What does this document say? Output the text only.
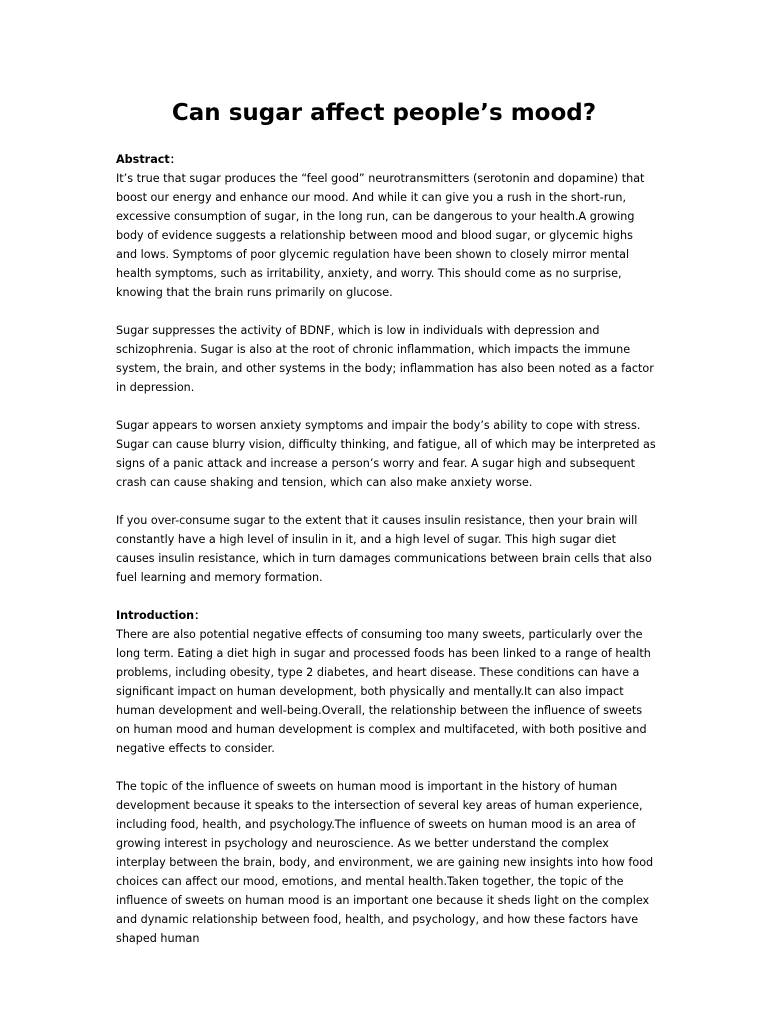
Can sugar affect people’s mood?

Abstract：

It’s true that sugar produces the “feel good” neurotransmitters (serotonin and dopamine) that boost our energy and enhance our mood. And while it can give you a rush in the short-run, excessive consumption of sugar, in the long run, can be dangerous to your health.A growing body of evidence suggests a relationship between mood and blood sugar, or glycemic highs and lows. Symptoms of poor glycemic regulation have been shown to closely mirror mental health symptoms, such as irritability, anxiety, and worry. This should come as no surprise, knowing that the brain runs primarily on glucose.

Sugar suppresses the activity of BDNF, which is low in individuals with depression and schizophrenia. Sugar is also at the root of chronic inflammation, which impacts the immune system, the brain, and other systems in the body; inflammation has also been noted as a factor in depression.

Sugar appears to worsen anxiety symptoms and impair the body’s ability to cope with stress. Sugar can cause blurry vision, difficulty thinking, and fatigue, all of which may be interpreted as signs of a panic attack and increase a person’s worry and fear. A sugar high and subsequent crash can cause shaking and tension, which can also make anxiety worse.

If you over-consume sugar to the extent that it causes insulin resistance, then your brain will constantly have a high level of insulin in it, and a high level of sugar. This high sugar diet causes insulin resistance, which in turn damages communications between brain cells that also fuel learning and memory formation.

Introduction：

There are also potential negative effects of consuming too many sweets, particularly over the long term. Eating a diet high in sugar and processed foods has been linked to a range of health problems, including obesity, type 2 diabetes, and heart disease. These conditions can have a significant impact on human development, both physically and mentally.It can also impact human development and well-being.Overall, the relationship between the influence of sweets on human mood and human development is complex and multifaceted, with both positive and negative effects to consider.

The topic of the influence of sweets on human mood is important in the history of human development because it speaks to the intersection of several key areas of human experience, including food, health, and psychology.The influence of sweets on human mood is an area of growing interest in psychology and neuroscience. As we better understand the complex interplay between the brain, body, and environment, we are gaining new insights into how food choices can affect our mood, emotions, and mental health.Taken together, the topic of the influence of sweets on human mood is an important one because it sheds light on the complex and dynamic relationship between food, health, and psychology, and how these factors have shaped human
